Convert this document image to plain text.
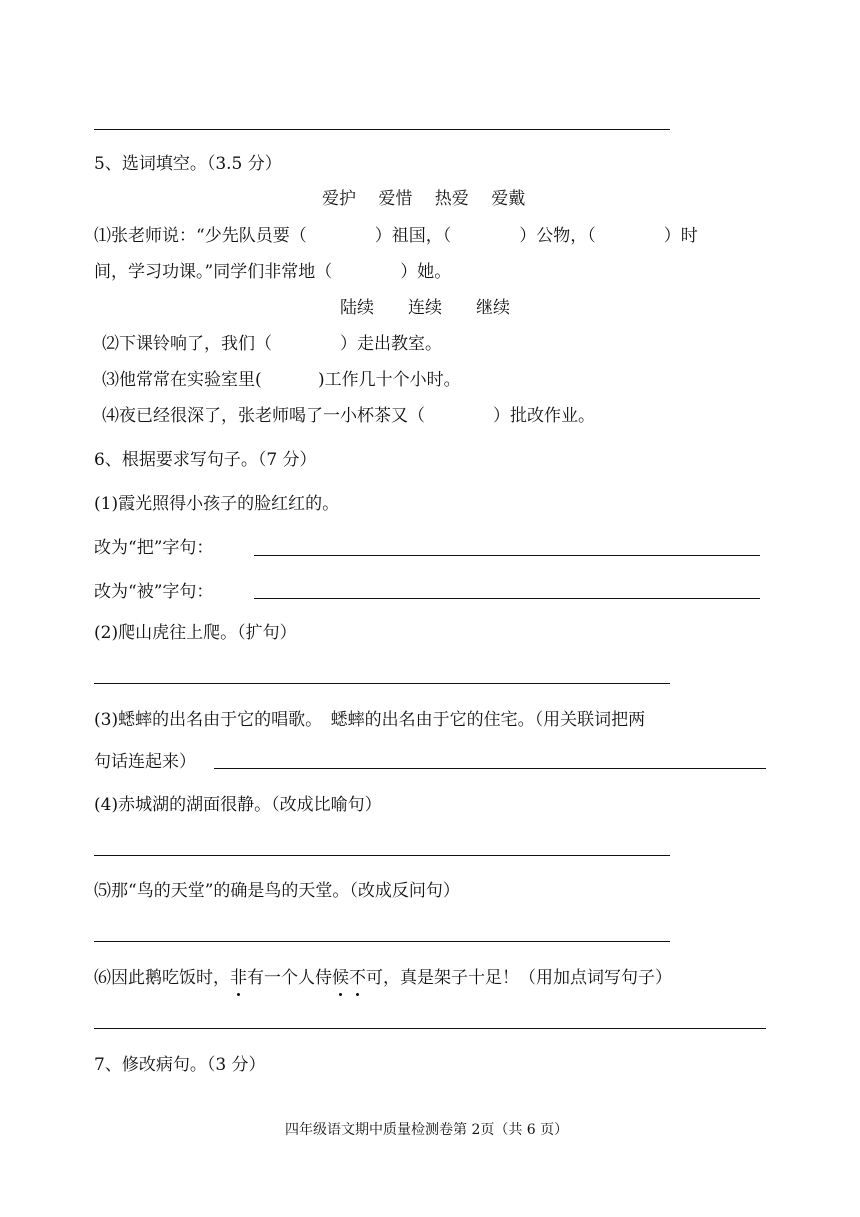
5、选词填空。（3.5 分）
爱护　 爱惜　 热爱　 爱戴
⑴张老师说：“少先队员要（　　　　）祖国，（　　　　）公物，（　　　　）时
间，学习功课。”同学们非常地（　　　　）她。
陆续　　连续　　继续
⑵下课铃响了，我们（　　　　）走出教室。
⑶他常常在实验室里(　　　 )工作几十个小时。
⑷夜已经很深了，张老师喝了一小杯茶又（　　　　）批改作业。
6、根据要求写句子。（7 分）
(1)霞光照得小孩子的脸红红的。
改为“把”字句：
改为“被”字句：
(2)爬山虎往上爬。（扩句）
(3)蟋蟀的出名由于它的唱歌。　蟋蟀的出名由于它的住宅。（用关联词把两
句话连起来）
(4)赤城湖的湖面很静。（改成比喻句）
⑸那“鸟的天堂”的确是鸟的天堂。（改成反问句）
⑹因此鹅吃饭时，非有一个人侍候不可，真是架子十足！（用加点词写句子）
7、修改病句。（3 分）
四年级语文期中质量检测卷第 2页（共 6 页）
